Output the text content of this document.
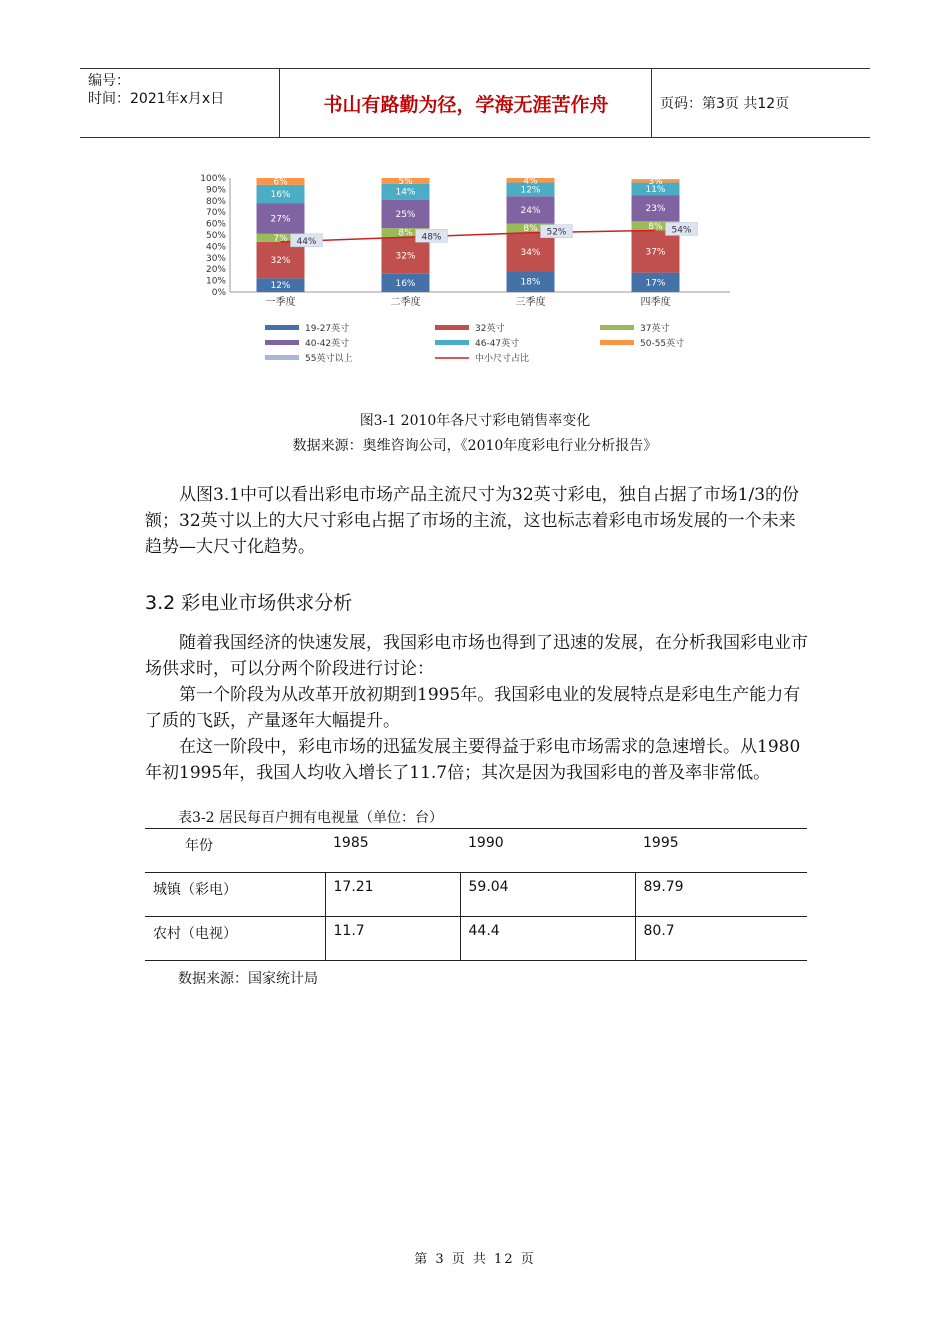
编号：
时间：2021年x月x日	书山有路勤为径，学海无涯苦作舟	页码：第3页 共12页
100%
90%
80%
70%
60%
50%
40%
30%
20%
10%
0%
12%
32%
7%
27%
16%
6%
一季度
16%
32%
8%
25%
14%
5%
二季度
18%
34%
8%
24%
12%
4%
三季度
17%
37%
8%
23%
11%
3%
四季度
44%	48%	52%	54%
19-27英寸	32英寸	37英寸
40-42英寸	46-47英寸	50-55英寸
55英寸以上	中小尺寸占比
图3-1 2010年各尺寸彩电销售率变化
数据来源：奥维咨询公司，《2010年度彩电行业分析报告》

从图3.1中可以看出彩电市场产品主流尺寸为32英寸彩电，独自占据了市场1/3的份额；32英寸以上的大尺寸彩电占据了市场的主流，这也标志着彩电市场发展的一个未来趋势—大尺寸化趋势。

3.2 彩电业市场供求分析

随着我国经济的快速发展，我国彩电市场也得到了迅速的发展，在分析我国彩电业市场供求时，可以分两个阶段进行讨论：

第一个阶段为从改革开放初期到1995年。我国彩电业的发展特点是彩电生产能力有了质的飞跃，产量逐年大幅提升。

在这一阶段中，彩电市场的迅猛发展主要得益于彩电市场需求的急速增长。从1980年初1995年，我国人均收入增长了11.7倍；其次是因为我国彩电的普及率非常低。

表3-2 居民每百户拥有电视量（单位：台）
年份	1985	1990	1995
城镇（彩电）	17.21	59.04	89.79
农村（电视）	11.7	44.4	80.7
数据来源：国家统计局
第 3 页 共 12 页
